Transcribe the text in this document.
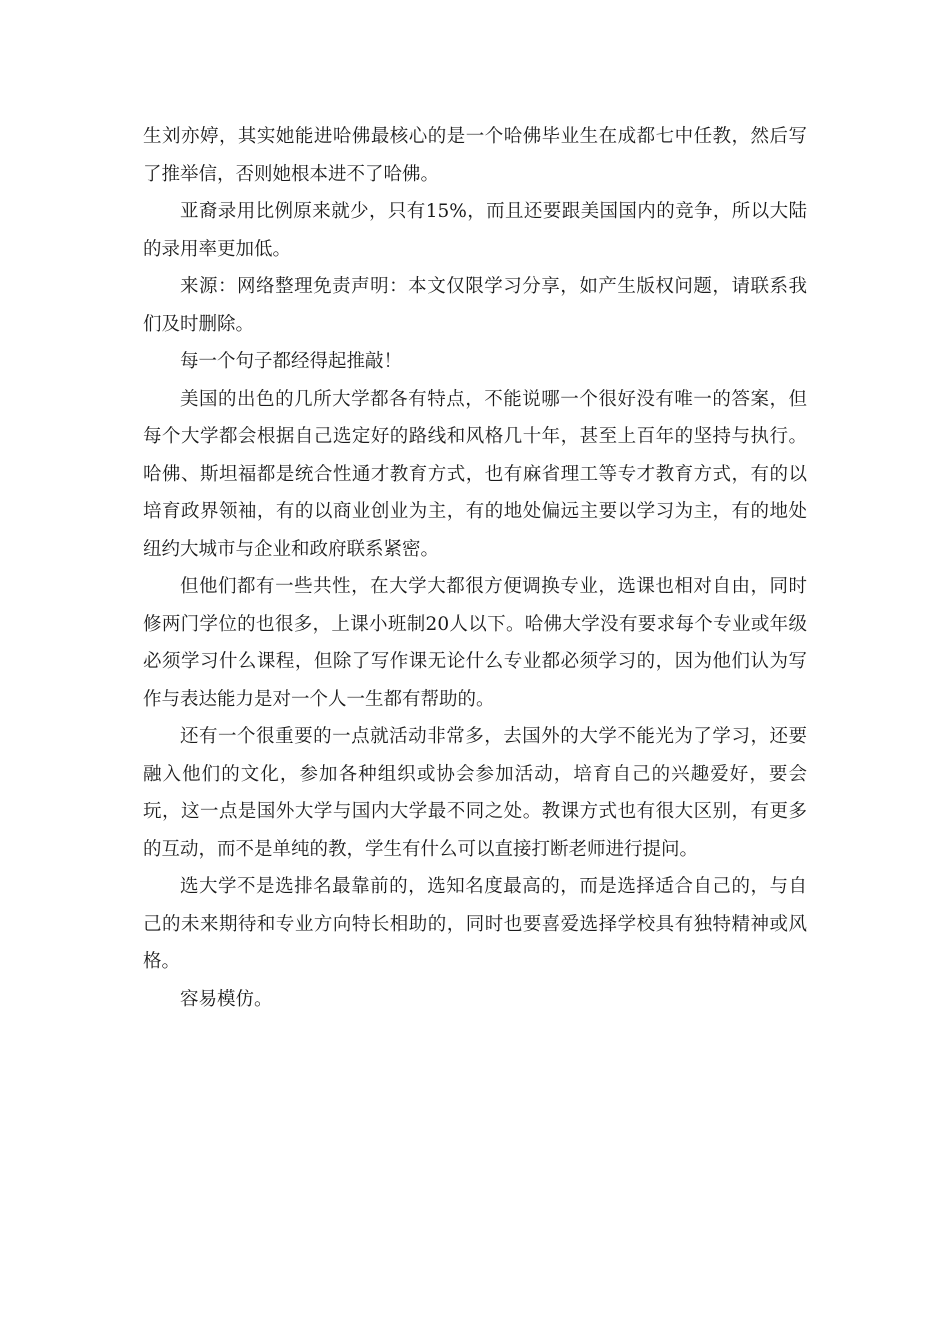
生刘亦婷，其实她能进哈佛最核心的是一个哈佛毕业生在成都七中任教，然后写了推举信，否则她根本进不了哈佛。

亚裔录用比例原来就少，只有15%，而且还要跟美国国内的竞争，所以大陆的录用率更加低。

来源：网络整理免责声明：本文仅限学习分享，如产生版权问题，请联系我们及时删除。

每一个句子都经得起推敲！

美国的出色的几所大学都各有特点，不能说哪一个很好没有唯一的答案，但每个大学都会根据自己选定好的路线和风格几十年，甚至上百年的坚持与执行。哈佛、斯坦福都是统合性通才教育方式，也有麻省理工等专才教育方式，有的以培育政界领袖，有的以商业创业为主，有的地处偏远主要以学习为主，有的地处纽约大城市与企业和政府联系紧密。

但他们都有一些共性，在大学大都很方便调换专业，选课也相对自由，同时修两门学位的也很多，上课小班制20人以下。哈佛大学没有要求每个专业或年级必须学习什么课程，但除了写作课无论什么专业都必须学习的，因为他们认为写作与表达能力是对一个人一生都有帮助的。

还有一个很重要的一点就活动非常多，去国外的大学不能光为了学习，还要融入他们的文化，参加各种组织或协会参加活动，培育自己的兴趣爱好，要会玩，这一点是国外大学与国内大学最不同之处。教课方式也有很大区别，有更多的互动，而不是单纯的教，学生有什么可以直接打断老师进行提问。

选大学不是选排名最靠前的，选知名度最高的，而是选择适合自己的，与自己的未来期待和专业方向特长相助的，同时也要喜爱选择学校具有独特精神或风格。

容易模仿。
